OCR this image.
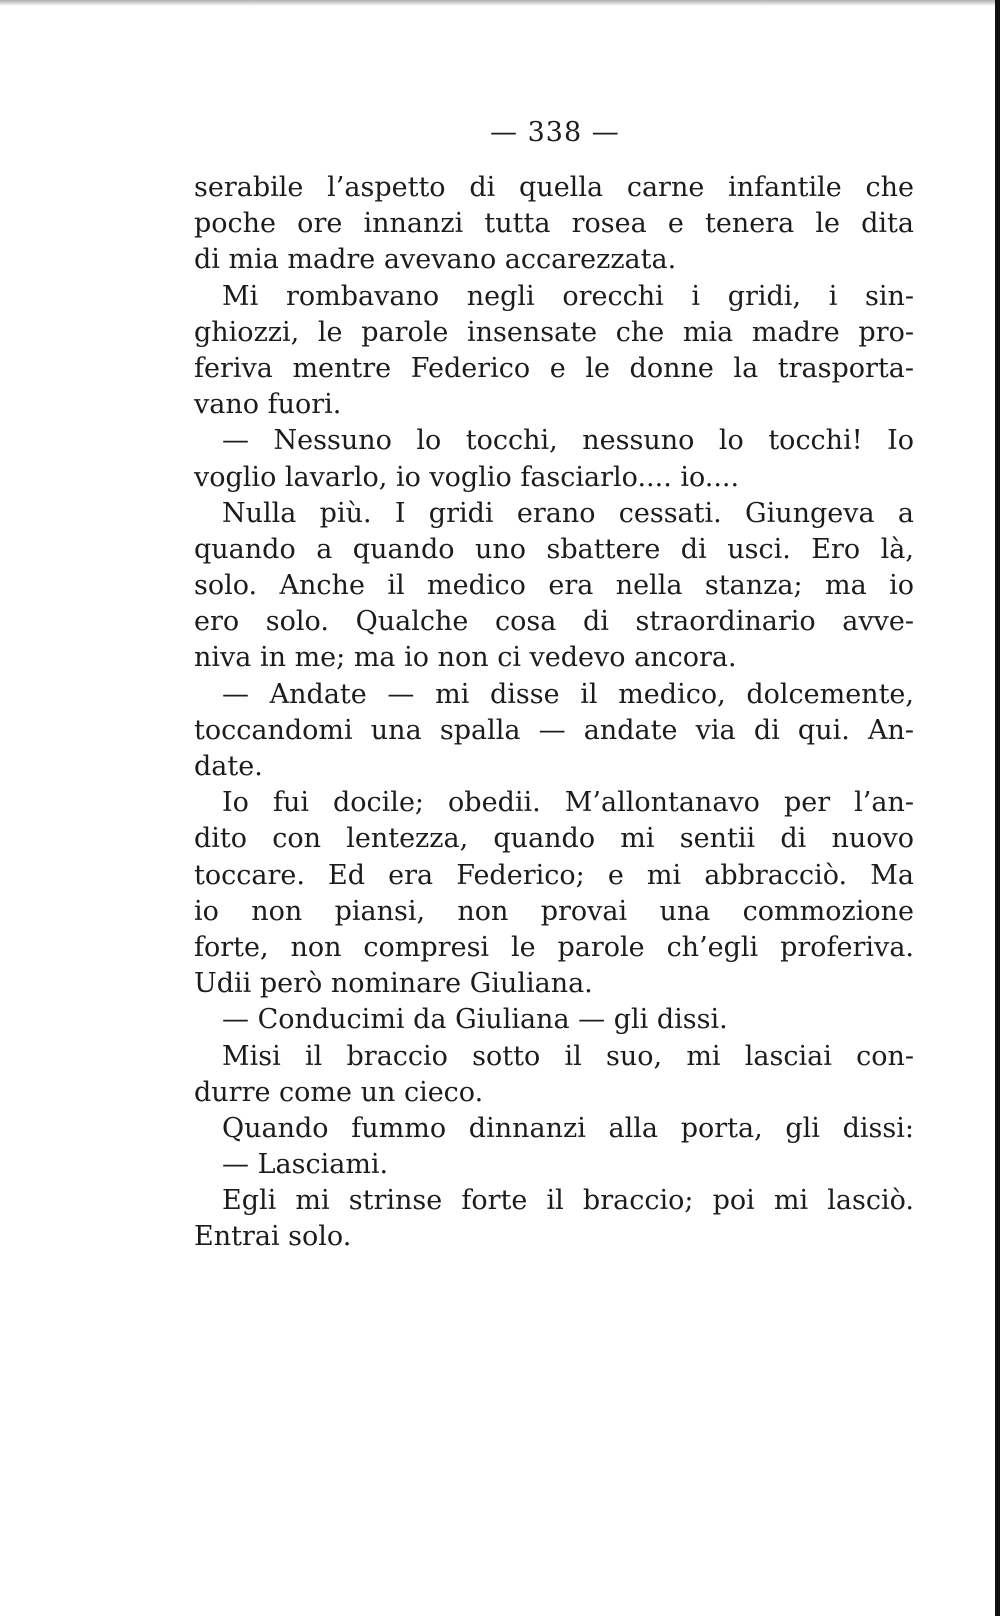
— 338 —
serabile l’aspetto di quella carne infantile che
poche ore innanzi tutta rosea e tenera le dita
di mia madre avevano accarezzata.
Mi rombavano negli orecchi i gridi, i sin-
ghiozzi, le parole insensate che mia madre pro-
feriva mentre Federico e le donne la trasporta-
vano fuori.
— Nessuno lo tocchi, nessuno lo tocchi! Io
voglio lavarlo, io voglio fasciarlo.... io....
Nulla più. I gridi erano cessati. Giungeva a
quando a quando uno sbattere di usci. Ero là,
solo. Anche il medico era nella stanza; ma io
ero solo. Qualche cosa di straordinario avve-
niva in me; ma io non ci vedevo ancora.
— Andate — mi disse il medico, dolcemente,
toccandomi una spalla — andate via di qui. An-
date.
Io fui docile; obedii. M’allontanavo per l’an-
dito con lentezza, quando mi sentii di nuovo
toccare. Ed era Federico; e mi abbracciò. Ma
io non piansi, non provai una commozione
forte, non compresi le parole ch’egli proferiva.
Udii però nominare Giuliana.
— Conducimi da Giuliana — gli dissi.
Misi il braccio sotto il suo, mi lasciai con-
durre come un cieco.
Quando fummo dinnanzi alla porta, gli dissi:
— Lasciami.
Egli mi strinse forte il braccio; poi mi lasciò.
Entrai solo.
